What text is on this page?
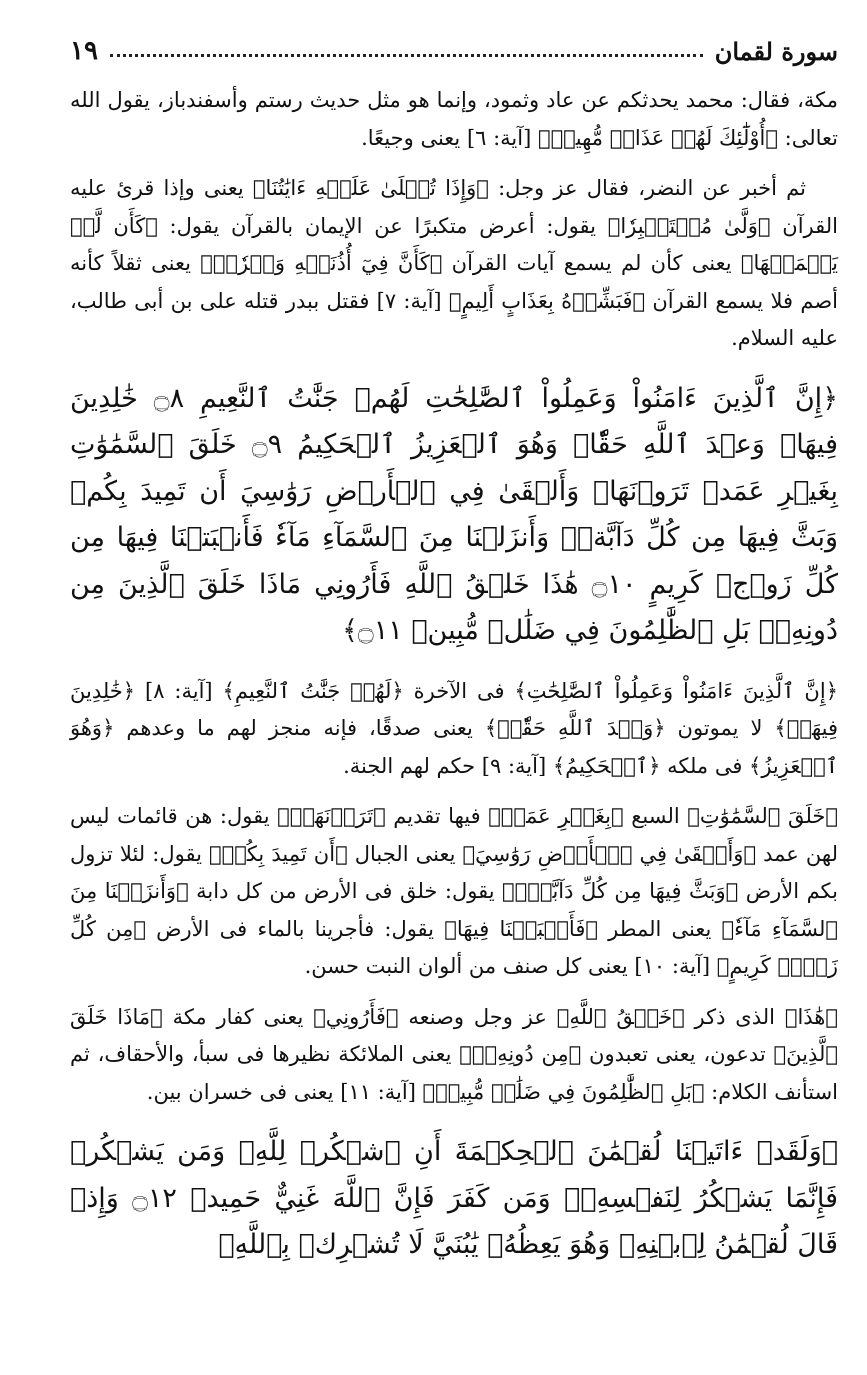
سورة لقمان
١٩

مكة، فقال: محمد يحدثكم عن عاد وثمود، وإنما هو مثل حديث رستم وأسفندباز، يقول الله تعالى: ﴿أُوْلَٰٓئِكَ لَهُمۡ عَذَابٞ مُّهِينٞ﴾ [آية: ٦] يعنى وجيعًا.

ثم أخبر عن النضر، فقال عز وجل: ﴿وَإِذَا تُتۡلَىٰ عَلَيۡهِ ءَايَٰتُنَا﴾ يعنى وإذا قرئ عليه القرآن ﴿وَلَّىٰ مُسۡتَكۡبِرٗا﴾ يقول: أعرض متكبرًا عن الإيمان بالقرآن يقول: ﴿كَأَن لَّمۡ يَسۡمَعۡهَا﴾ يعنى كأن لم يسمع آيات القرآن ﴿كَأَنَّ فِيٓ أُذُنَيۡهِ وَقۡرٗاۖ﴾ يعنى ثقلاً كأنه أصم فلا يسمع القرآن ﴿فَبَشِّرۡهُ بِعَذَابٍ أَلِيمٍ﴾ [آية: ٧] فقتل ببدر قتله على بن أبى طالب، عليه السلام.

﴿إِنَّ ٱلَّذِينَ ءَامَنُواْ وَعَمِلُواْ ٱلصَّٰلِحَٰتِ لَهُمۡ جَنَّٰتُ ٱلنَّعِيمِ ۝٨ خَٰلِدِينَ فِيهَاۖ وَعۡدَ ٱللَّهِ حَقّٗاۚ وَهُوَ ٱلۡعَزِيزُ ٱلۡحَكِيمُ ۝٩ خَلَقَ ٱلسَّمَٰوَٰتِ بِغَيۡرِ عَمَدٖ تَرَوۡنَهَاۖ وَأَلۡقَىٰ فِي ٱلۡأَرۡضِ رَوَٰسِيَ أَن تَمِيدَ بِكُمۡ وَبَثَّ فِيهَا مِن كُلِّ دَآبَّةٖۚ وَأَنزَلۡنَا مِنَ ٱلسَّمَآءِ مَآءٗ فَأَنۢبَتۡنَا فِيهَا مِن كُلِّ زَوۡجٖ كَرِيمٍ ۝١٠ هَٰذَا خَلۡقُ ٱللَّهِ فَأَرُونِي مَاذَا خَلَقَ ٱلَّذِينَ مِن دُونِهِۦۚ بَلِ ٱلظَّٰلِمُونَ فِي ضَلَٰلٖ مُّبِينٖ ۝١١﴾

﴿إِنَّ ٱلَّذِينَ ءَامَنُواْ وَعَمِلُواْ ٱلصَّٰلِحَٰتِ﴾ فى الآخرة ﴿لَهُمۡ جَنَّٰتُ ٱلنَّعِيمِ﴾ [آية: ٨] ﴿خَٰلِدِينَ فِيهَاۖ﴾ لا يموتون ﴿وَعۡدَ ٱللَّهِ حَقّٗاۚ﴾ يعنى صدقًا، فإنه منجز لهم ما وعدهم ﴿وَهُوَ ٱلۡعَزِيزُ﴾ فى ملكه ﴿ٱلۡحَكِيمُ﴾ [آية: ٩] حكم لهم الجنة.

﴿خَلَقَ ٱلسَّمَٰوَٰتِ﴾ السبع ﴿بِغَيۡرِ عَمَدٖ﴾ فيها تقديم ﴿تَرَوۡنَهَاۖ﴾ يقول: هن قائمات ليس لهن عمد ﴿وَأَلۡقَىٰ فِي ٱلۡأَرۡضِ رَوَٰسِيَ﴾ يعنى الجبال ﴿أَن تَمِيدَ بِكُمۡ﴾ يقول: لئلا تزول بكم الأرض ﴿وَبَثَّ فِيهَا مِن كُلِّ دَآبَّةٖۚ﴾ يقول: خلق فى الأرض من كل دابة ﴿وَأَنزَلۡنَا مِنَ ٱلسَّمَآءِ مَآءٗ﴾ يعنى المطر ﴿فَأَنۢبَتۡنَا فِيهَا﴾ يقول: فأجرينا بالماء فى الأرض ﴿مِن كُلِّ زَوۡجٖ كَرِيمٍ﴾ [آية: ١٠] يعنى كل صنف من ألوان النبت حسن.

﴿هَٰذَا﴾ الذى ذكر ﴿خَلۡقُ ٱللَّهِ﴾ عز وجل وصنعه ﴿فَأَرُونِي﴾ يعنى كفار مكة ﴿مَاذَا خَلَقَ ٱلَّذِينَ﴾ تدعون، يعنى تعبدون ﴿مِن دُونِهِۦۚ﴾ يعنى الملائكة نظيرها فى سبأ، والأحقاف، ثم استأنف الكلام: ﴿بَلِ ٱلظَّٰلِمُونَ فِي ضَلَٰلٖ مُّبِينٖ﴾ [آية: ١١] يعنى فى خسران بين.

﴿وَلَقَدۡ ءَاتَيۡنَا لُقۡمَٰنَ ٱلۡحِكۡمَةَ أَنِ ٱشۡكُرۡ لِلَّهِۚ وَمَن يَشۡكُرۡ فَإِنَّمَا يَشۡكُرُ لِنَفۡسِهِۦۖ وَمَن كَفَرَ فَإِنَّ ٱللَّهَ غَنِيٌّ حَمِيدٞ ۝١٢ وَإِذۡ قَالَ لُقۡمَٰنُ لِٱبۡنِهِۦ وَهُوَ يَعِظُهُۥ يَٰبُنَيَّ لَا تُشۡرِكۡ بِٱللَّهِۖ
